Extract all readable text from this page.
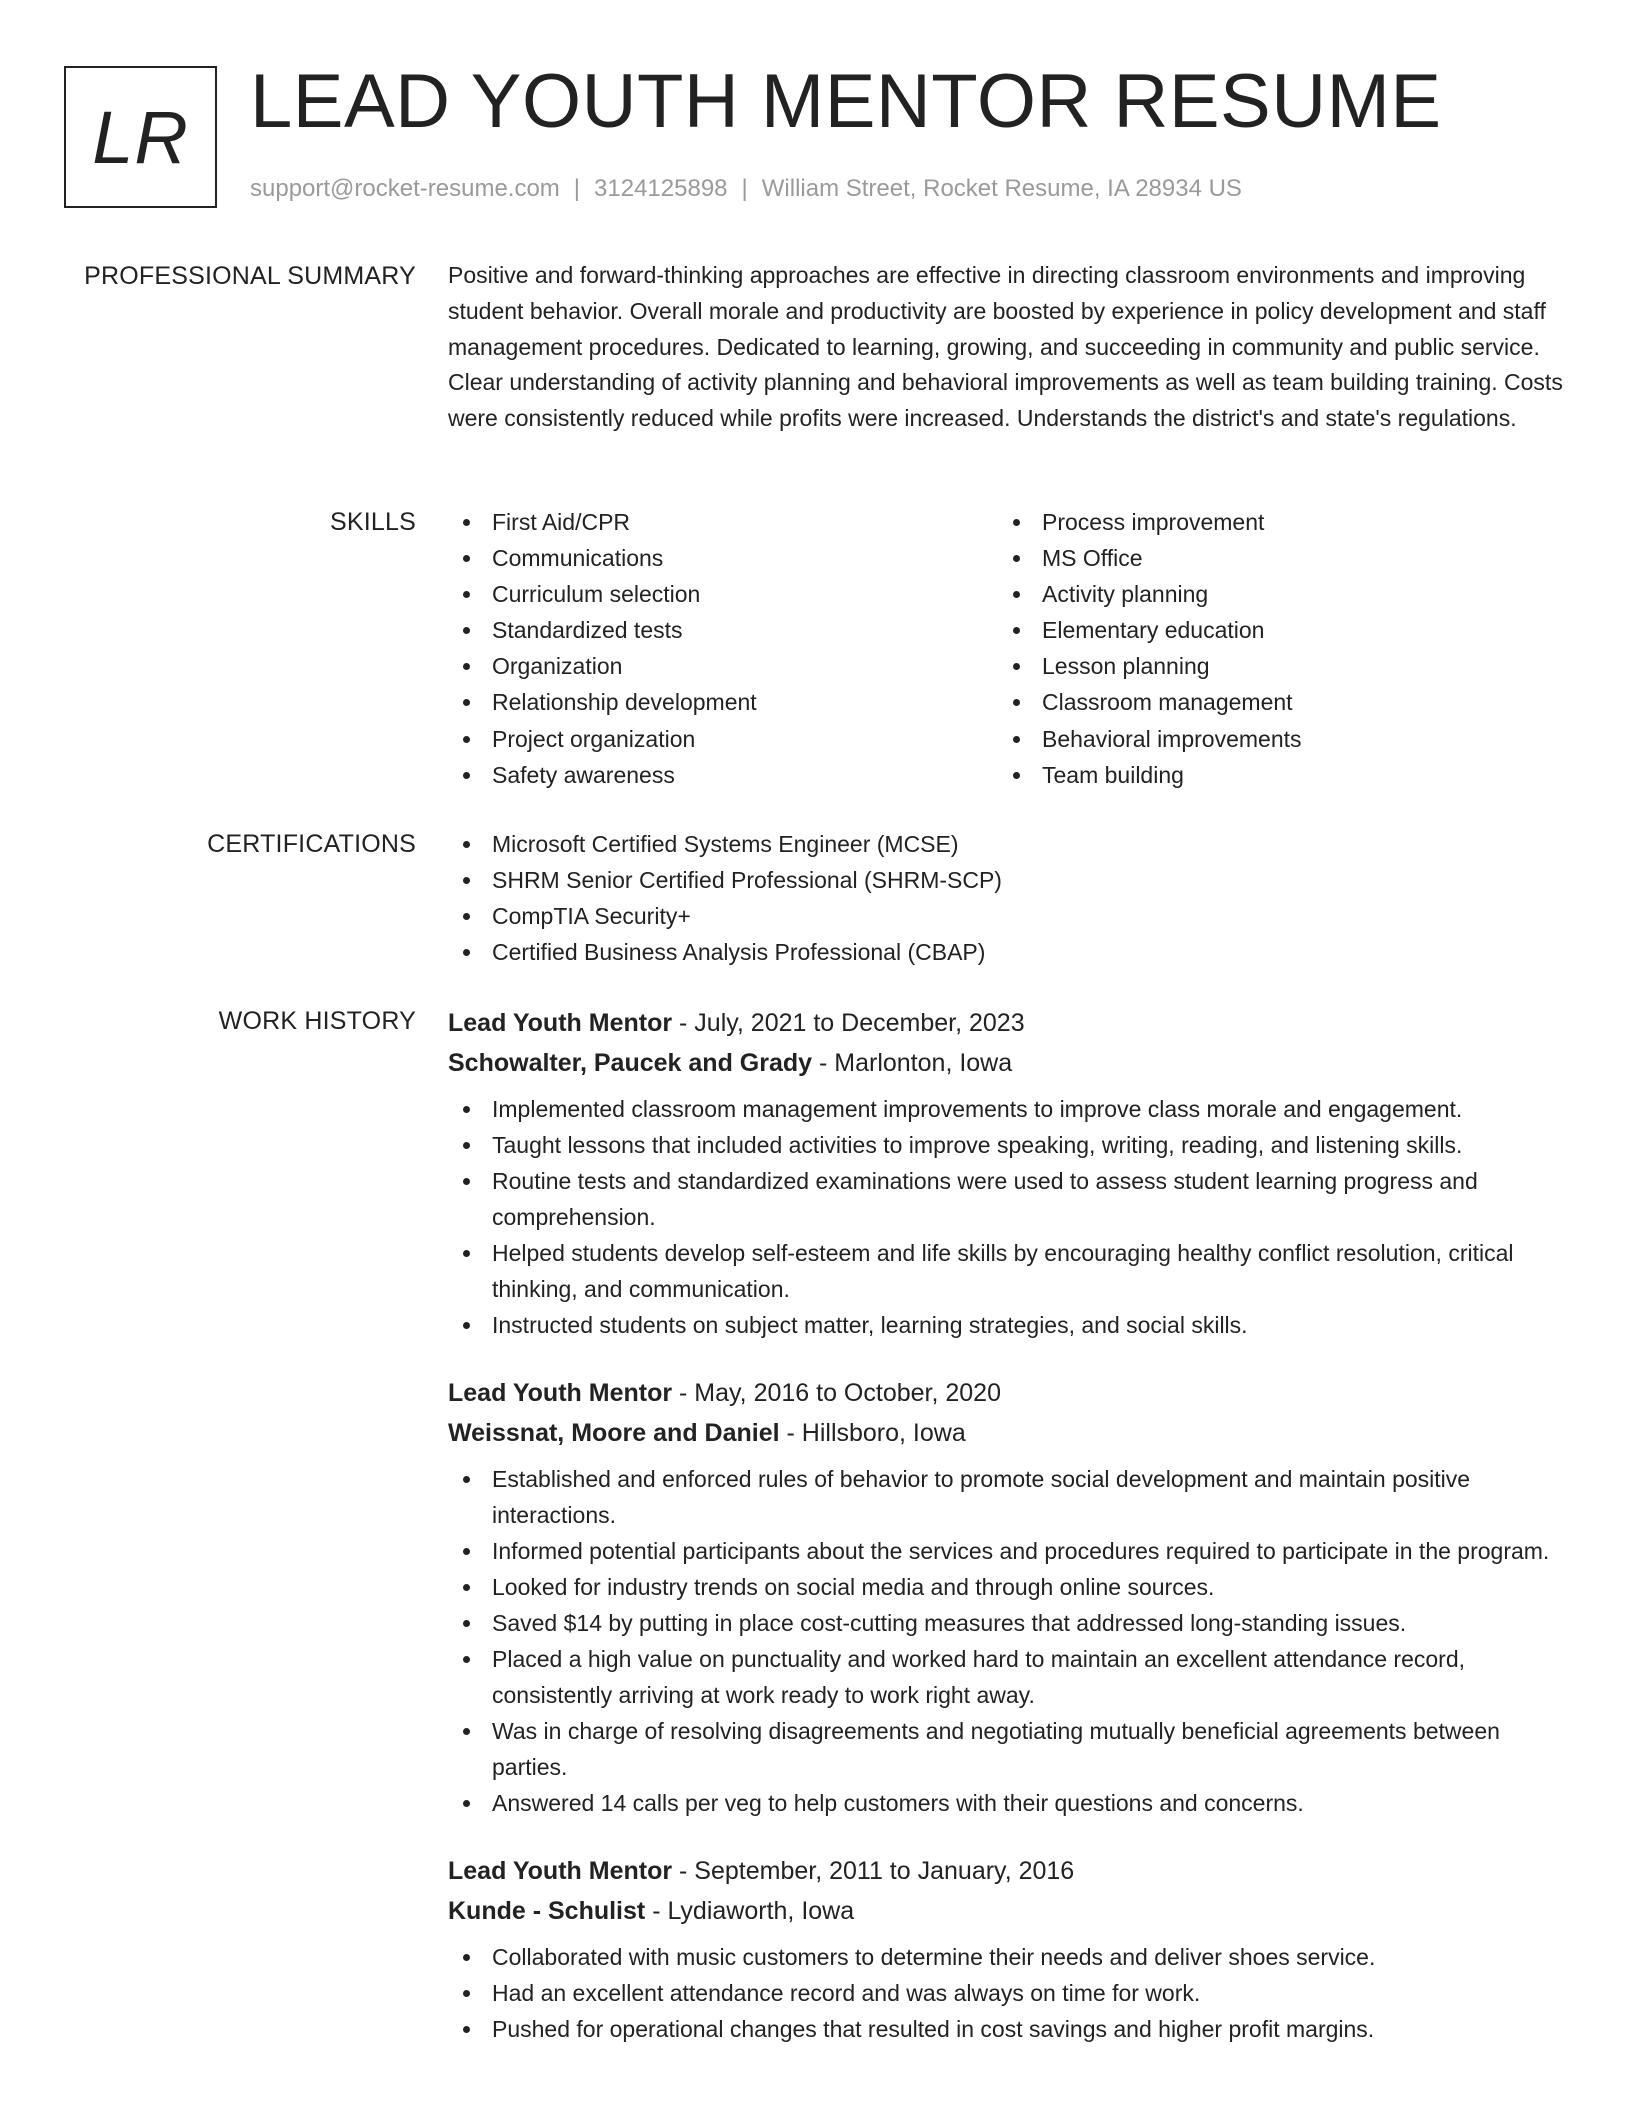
LR LEAD YOUTH MENTOR RESUME
support@rocket-resume.com | 3124125898 | William Street, Rocket Resume, IA 28934 US
PROFESSIONAL SUMMARY Positive and forward-thinking approaches are effective in directing classroom environments and improving student behavior. Overall morale and productivity are boosted by experience in policy development and staff management procedures. Dedicated to learning, growing, and succeeding in community and public service. Clear understanding of activity planning and behavioral improvements as well as team building training. Costs were consistently reduced while profits were increased. Understands the district's and state's regulations.

SKILLS	First Aid/CPR
Communications
Curriculum selection
Standardized tests
Organization
Relationship development
Project organization
Safety awareness
Process improvement
MS Office
Activity planning
Elementary education
Lesson planning
Classroom management
Behavioral improvements
Team building
CERTIFICATIONS	Microsoft Certified Systems Engineer (MCSE)
SHRM Senior Certified Professional (SHRM-SCP)
CompTIA Security+
Certified Business Analysis Professional (CBAP)
WORK HISTORY Lead Youth Mentor - July, 2021 to December, 2023
Schowalter, Paucek and Grady - Marlonton, Iowa
Implemented classroom management improvements to improve class morale and engagement.
Taught lessons that included activities to improve speaking, writing, reading, and listening skills.
Routine tests and standardized examinations were used to assess student learning progress and comprehension.
Helped students develop self-esteem and life skills by encouraging healthy conflict resolution, critical thinking, and communication.
Instructed students on subject matter, learning strategies, and social skills.
Lead Youth Mentor - May, 2016 to October, 2020
Weissnat, Moore and Daniel - Hillsboro, Iowa
Established and enforced rules of behavior to promote social development and maintain positive interactions.
Informed potential participants about the services and procedures required to participate in the program.
Looked for industry trends on social media and through online sources.
Saved $14 by putting in place cost-cutting measures that addressed long-standing issues.
Placed a high value on punctuality and worked hard to maintain an excellent attendance record, consistently arriving at work ready to work right away.
Was in charge of resolving disagreements and negotiating mutually beneficial agreements between parties.
Answered 14 calls per veg to help customers with their questions and concerns.
Lead Youth Mentor - September, 2011 to January, 2016
Kunde - Schulist - Lydiaworth, Iowa
Collaborated with music customers to determine their needs and deliver shoes service.
Had an excellent attendance record and was always on time for work.
Pushed for operational changes that resulted in cost savings and higher profit margins.
